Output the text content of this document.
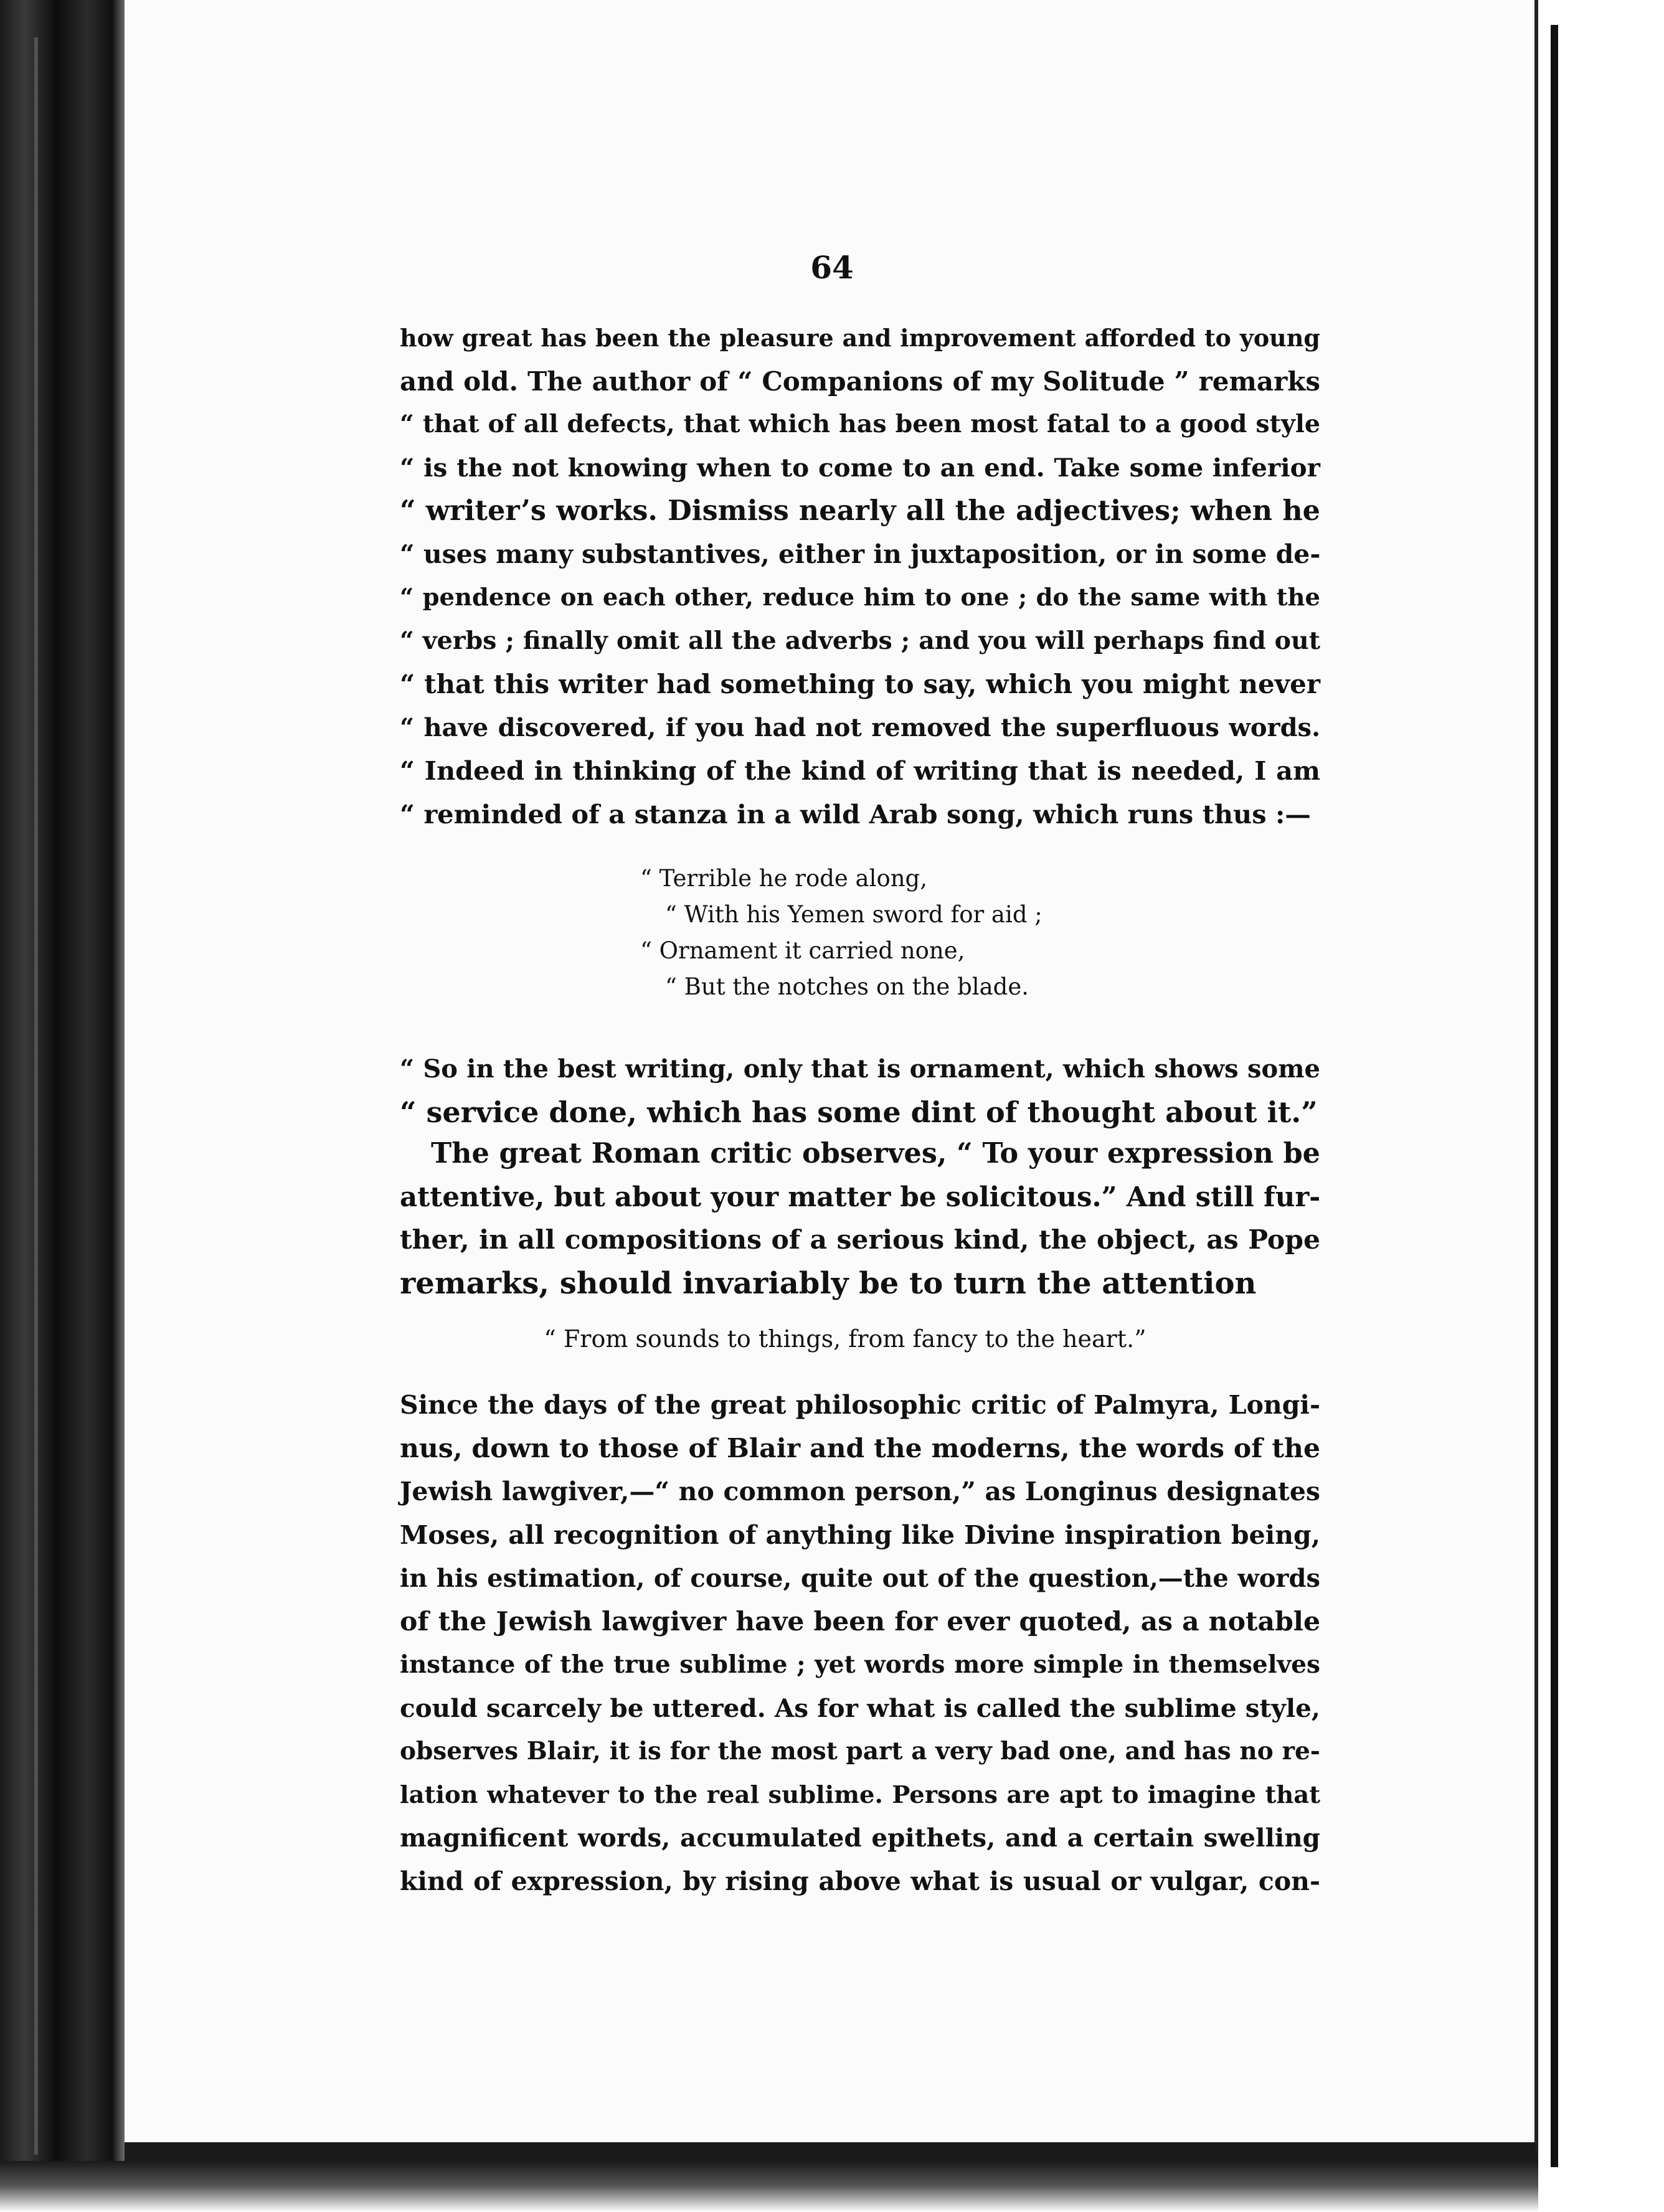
64
how great has been the pleasure and improvement afforded to young
and old. The author of “ Companions of my Solitude ” remarks
“ that of all defects, that which has been most fatal to a good style
“ is the not knowing when to come to an end. Take some inferior
“ writer’s works. Dismiss nearly all the adjectives; when he
“ uses many substantives, either in juxtaposition, or in some de-
“ pendence on each other, reduce him to one ; do the same with the
“ verbs ; finally omit all the adverbs ; and you will perhaps find out
“ that this writer had something to say, which you might never
“ have discovered, if you had not removed the superfluous words.
“ Indeed in thinking of the kind of writing that is needed, I am
“ reminded of a stanza in a wild Arab song, which runs thus :—
“ Terrible he rode along,
“ With his Yemen sword for aid ;
“ Ornament it carried none,
“ But the notches on the blade.
“ So in the best writing, only that is ornament, which shows some
“ service done, which has some dint of thought about it.”
The great Roman critic observes, “ To your expression be
attentive, but about your matter be solicitous.” And still fur-
ther, in all compositions of a serious kind, the object, as Pope
remarks, should invariably be to turn the attention
“ From sounds to things, from fancy to the heart.”
Since the days of the great philosophic critic of Palmyra, Longi-
nus, down to those of Blair and the moderns, the words of the
Jewish lawgiver,—“ no common person,” as Longinus designates
Moses, all recognition of anything like Divine inspiration being,
in his estimation, of course, quite out of the question,—the words
of the Jewish lawgiver have been for ever quoted, as a notable
instance of the true sublime ; yet words more simple in themselves
could scarcely be uttered. As for what is called the sublime style,
observes Blair, it is for the most part a very bad one, and has no re-
lation whatever to the real sublime. Persons are apt to imagine that
magnificent words, accumulated epithets, and a certain swelling
kind of expression, by rising above what is usual or vulgar, con-
